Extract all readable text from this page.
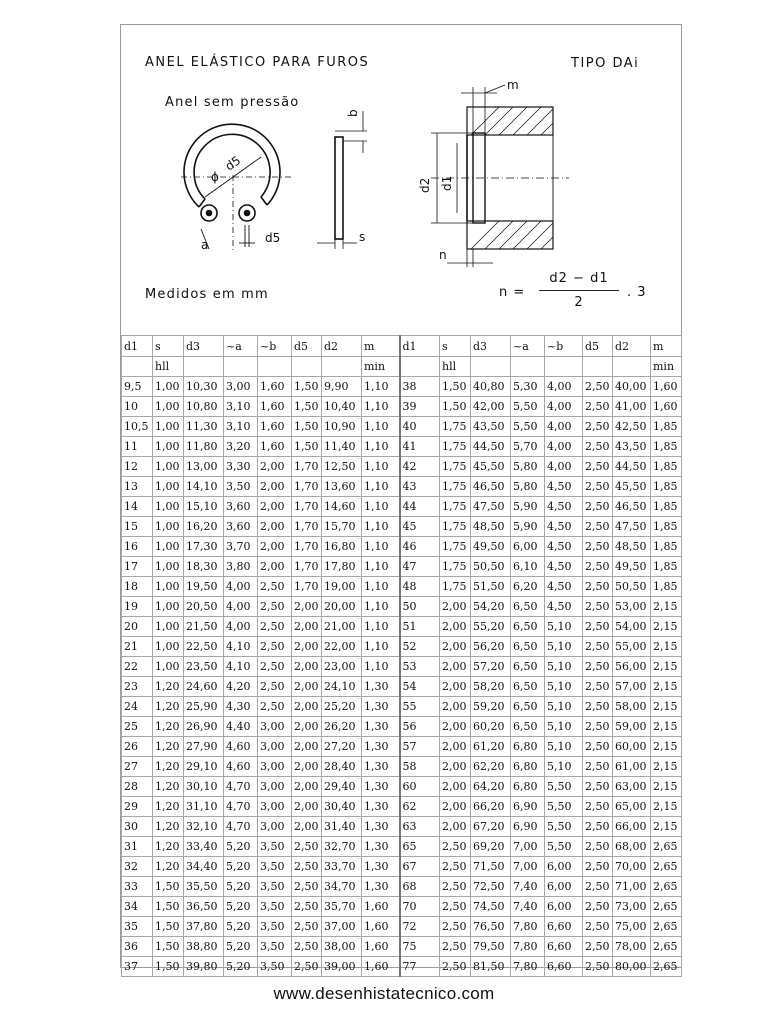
ANEL ELÁSTICO PARA FUROS	TIPO DAi
Anel sem pressão
Medidos em mm
ϕ
d5
a	d5
b
s
m
d2 d1
n
n =
d2 − d1
2
. 3
d1	s	d3	~a	~b	d5	d2	m	d1	s	d3	~a	~b	d5	d2	m
	hll						min		hll						min
9,5	1,00	10,30	3,00	1,60	1,50	9,90	1,10	38	1,50	40,80	5,30	4,00	2,50	40,00	1,60
10	1,00	10,80	3,10	1,60	1,50	10,40	1,10	39	1,50	42,00	5,50	4,00	2,50	41,00	1,60
10,5	1,00	11,30	3,10	1,60	1,50	10,90	1,10	40	1,75	43,50	5,50	4,00	2,50	42,50	1,85
11	1,00	11,80	3,20	1,60	1,50	11,40	1,10	41	1,75	44,50	5,70	4,00	2,50	43,50	1,85
12	1,00	13,00	3,30	2,00	1,70	12,50	1,10	42	1,75	45,50	5,80	4,00	2,50	44,50	1,85
13	1,00	14,10	3,50	2,00	1,70	13,60	1,10	43	1,75	46,50	5,80	4,50	2,50	45,50	1,85
14	1,00	15,10	3,60	2,00	1,70	14,60	1,10	44	1,75	47,50	5,90	4,50	2,50	46,50	1,85
15	1,00	16,20	3,60	2,00	1,70	15,70	1,10	45	1,75	48,50	5,90	4,50	2,50	47,50	1,85
16	1,00	17,30	3,70	2,00	1,70	16,80	1,10	46	1,75	49,50	6,00	4,50	2,50	48,50	1,85
17	1,00	18,30	3,80	2,00	1,70	17,80	1,10	47	1,75	50,50	6,10	4,50	2,50	49,50	1,85
18	1,00	19,50	4,00	2,50	1,70	19,00	1,10	48	1,75	51,50	6,20	4,50	2,50	50,50	1,85
19	1,00	20,50	4,00	2,50	2,00	20,00	1,10	50	2,00	54,20	6,50	4,50	2,50	53,00	2,15
20	1,00	21,50	4,00	2,50	2,00	21,00	1,10	51	2,00	55,20	6,50	5,10	2,50	54,00	2,15
21	1,00	22,50	4,10	2,50	2,00	22,00	1,10	52	2,00	56,20	6,50	5,10	2,50	55,00	2,15
22	1,00	23,50	4,10	2,50	2,00	23,00	1,10	53	2,00	57,20	6,50	5,10	2,50	56,00	2,15
23	1,20	24,60	4,20	2,50	2,00	24,10	1,30	54	2,00	58,20	6,50	5,10	2,50	57,00	2,15
24	1,20	25,90	4,30	2,50	2,00	25,20	1,30	55	2,00	59,20	6,50	5,10	2,50	58,00	2,15
25	1,20	26,90	4,40	3,00	2,00	26,20	1,30	56	2,00	60,20	6,50	5,10	2,50	59,00	2,15
26	1,20	27,90	4,60	3,00	2,00	27,20	1,30	57	2,00	61,20	6,80	5,10	2,50	60,00	2,15
27	1,20	29,10	4,60	3,00	2,00	28,40	1,30	58	2,00	62,20	6,80	5,10	2,50	61,00	2,15
28	1,20	30,10	4,70	3,00	2,00	29,40	1,30	60	2,00	64,20	6,80	5,50	2,50	63,00	2,15
29	1,20	31,10	4,70	3,00	2,00	30,40	1,30	62	2,00	66,20	6,90	5,50	2,50	65,00	2,15
30	1,20	32,10	4,70	3,00	2,00	31,40	1,30	63	2,00	67,20	6,90	5,50	2,50	66,00	2,15
31	1,20	33,40	5,20	3,50	2,50	32,70	1,30	65	2,50	69,20	7,00	5,50	2,50	68,00	2,65
32	1,20	34,40	5,20	3,50	2,50	33,70	1,30	67	2,50	71,50	7,00	6,00	2,50	70,00	2,65
33	1,50	35,50	5,20	3,50	2,50	34,70	1,30	68	2,50	72,50	7,40	6,00	2,50	71,00	2,65
34	1,50	36,50	5,20	3,50	2,50	35,70	1,60	70	2,50	74,50	7,40	6,00	2,50	73,00	2,65
35	1,50	37,80	5,20	3,50	2,50	37,00	1,60	72	2,50	76,50	7,80	6,60	2,50	75,00	2,65
36	1,50	38,80	5,20	3,50	2,50	38,00	1,60	75	2,50	79,50	7,80	6,60	2,50	78,00	2,65
37	1,50	39,80	5,20	3,50	2,50	39,00	1,60	77	2,50	81,50	7,80	6,60	2,50	80,00	2,65
www.desenhistatecnico.com
